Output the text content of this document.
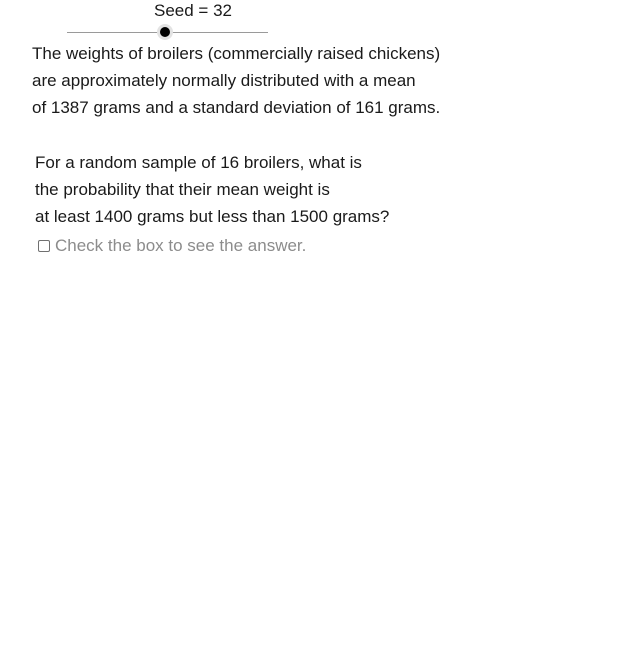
Seed = 32
The weights of broilers (commercially raised chickens)
are approximately normally distributed with a mean
of 1387 grams and a standard deviation of 161 grams.
For a random sample of 16 broilers, what is
the probability that their mean weight is
at least 1400 grams but less than 1500 grams?
Check the box to see the answer.
